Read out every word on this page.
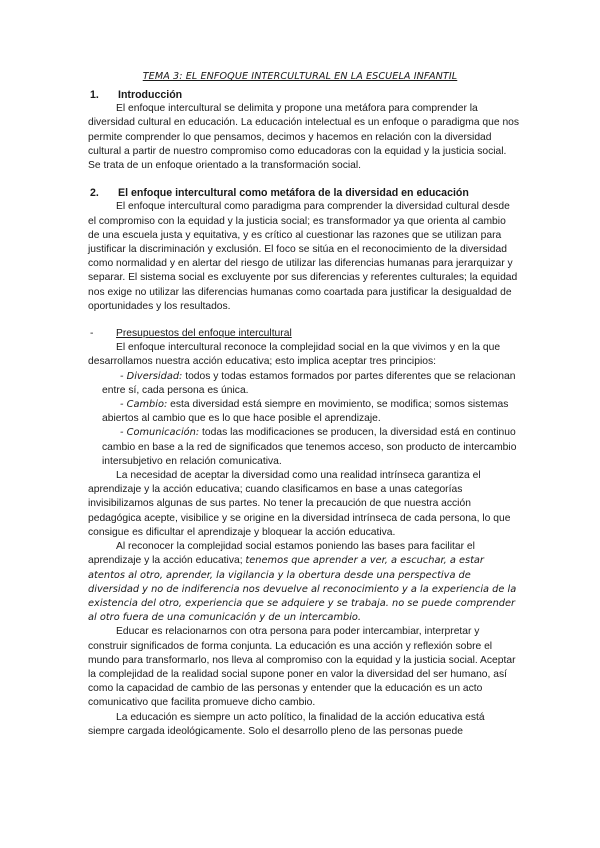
TEMA 3: EL ENFOQUE INTERCULTURAL EN LA ESCUELA INFANTIL
1. Introducción

El enfoque intercultural se delimita y propone una metáfora para comprender la diversidad cultural en educación. La educación intelectual es un enfoque o paradigma que nos permite comprender lo que pensamos, decimos y hacemos en relación con la diversidad cultural a partir de nuestro compromiso como educadoras con la equidad y la justicia social. Se trata de un enfoque orientado a la transformación social.

2. El enfoque intercultural como metáfora de la diversidad en educación

El enfoque intercultural como paradigma para comprender la diversidad cultural desde el compromiso con la equidad y la justicia social; es transformador ya que orienta al cambio de una escuela justa y equitativa, y es crítico al cuestionar las razones que se utilizan para justificar la discriminación y exclusión. El foco se sitúa en el reconocimiento de la diversidad como normalidad y en alertar del riesgo de utilizar las diferencias humanas para jerarquizar y separar. El sistema social es excluyente por sus diferencias y referentes culturales; la equidad nos exige no utilizar las diferencias humanas como coartada para justificar la desigualdad de oportunidades y los resultados.

- Presupuestos del enfoque intercultural

El enfoque intercultural reconoce la complejidad social en la que vivimos y en la que desarrollamos nuestra acción educativa; esto implica aceptar tres principios:

- Diversidad: todos y todas estamos formados por partes diferentes que se relacionan entre sí, cada persona es única.

- Cambio: esta diversidad está siempre en movimiento, se modifica; somos sistemas abiertos al cambio que es lo que hace posible el aprendizaje.

- Comunicación: todas las modificaciones se producen, la diversidad está en continuo cambio en base a la red de significados que tenemos acceso, son producto de intercambio intersubjetivo en relación comunicativa.

La necesidad de aceptar la diversidad como una realidad intrínseca garantiza el aprendizaje y la acción educativa; cuando clasificamos en base a unas categorías invisibilizamos algunas de sus partes. No tener la precaución de que nuestra acción pedagógica acepte, visibilice y se origine en la diversidad intrínseca de cada persona, lo que consigue es dificultar el aprendizaje y bloquear la acción educativa.

Al reconocer la complejidad social estamos poniendo las bases para facilitar el aprendizaje y la acción educativa; tenemos que aprender a ver, a escuchar, a estar atentos al otro, aprender, la vigilancia y la obertura desde una perspectiva de diversidad y no de indiferencia nos devuelve al reconocimiento y a la experiencia de la existencia del otro, experiencia que se adquiere y se trabaja. no se puede comprender al otro fuera de una comunicación y de un intercambio.

Educar es relacionarnos con otra persona para poder intercambiar, interpretar y construir significados de forma conjunta. La educación es una acción y reflexión sobre el mundo para transformarlo, nos lleva al compromiso con la equidad y la justicia social. Aceptar la complejidad de la realidad social supone poner en valor la diversidad del ser humano, así como la capacidad de cambio de las personas y entender que la educación es un acto comunicativo que facilita promueve dicho cambio.

La educación es siempre un acto político, la finalidad de la acción educativa está siempre cargada ideológicamente. Solo el desarrollo pleno de las personas puede
